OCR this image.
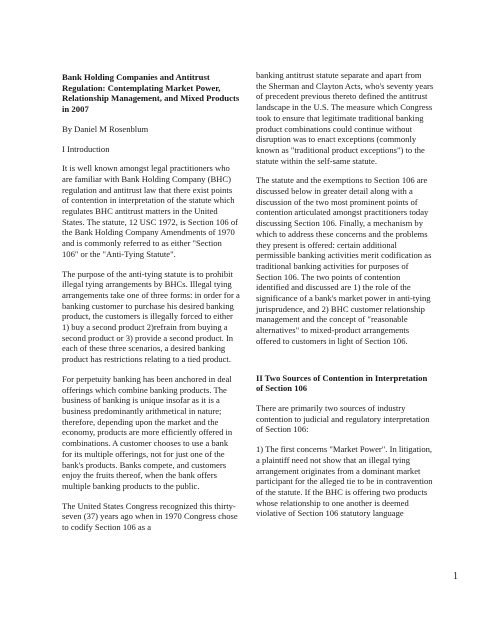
Bank Holding Companies and Antitrust Regulation: Contemplating Market Power, Relationship Management, and Mixed Products in 2007

By Daniel M Rosenblum

I Introduction

It is well known amongst legal practitioners who are familiar with Bank Holding Company (BHC) regulation and antitrust law that there exist points of contention in interpretation of the statute which regulates BHC antitrust matters in the United States. The statute, 12 USC 1972, is Section 106 of the Bank Holding Company Amendments of 1970 and is commonly referred to as either "Section 106" or the "Anti-Tying Statute".

The purpose of the anti-tying statute is to prohibit illegal tying arrangements by BHCs. Illegal tying arrangements take one of three forms: in order for a banking customer to purchase his desired banking product, the customers is illegally forced to either 1) buy a second product 2)refrain from buying a second product or 3) provide a second product. In each of these three scenarios, a desired banking product has restrictions relating to a tied product.

For perpetuity banking has been anchored in deal offerings which combine banking products. The business of banking is unique insofar as it is a business predominantly arithmetical in nature; therefore, depending upon the market and the economy, products are more efficiently offered in combinations. A customer chooses to use a bank for its multiple offerings, not for just one of the bank's products. Banks compete, and customers enjoy the fruits thereof, when the bank offers multiple banking products to the public.

The United States Congress recognized this thirty-seven (37) years ago when in 1970 Congress chose to codify Section 106 as a

banking antitrust statute separate and apart from the Sherman and Clayton Acts, who's seventy years of precedent previous thereto defined the antitrust landscape in the U.S. The measure which Congress took to ensure that legitimate traditional banking product combinations could continue without disruption was to enact exceptions (commonly known as "traditional product exceptions") to the statute within the self-same statute.

The statute and the exemptions to Section 106 are discussed below in greater detail along with a discussion of the two most prominent points of contention articulated amongst practitioners today discussing Section 106. Finally, a mechanism by which to address these concerns and the problems they present is offered: certain additional permissible banking activities merit codification as traditional banking activities for purposes of Section 106. The two points of contention identified and discussed are 1) the role of the significance of a bank's market power in anti-tying jurisprudence, and 2) BHC customer relationship management and the concept of "reasonable alternatives" to mixed-product arrangements offered to customers in light of Section 106.

II Two Sources of Contention in Interpretation of Section 106

There are primarily two sources of industry contention to judicial and regulatory interpretation of Section 106:

1) The first concerns "Market Power". In litigation, a plaintiff need not show that an illegal tying arrangement originates from a dominant market participant for the alleged tie to be in contravention of the statute. If the BHC is offering two products whose relationship to one another is deemed violative of Section 106 statutory language

1
